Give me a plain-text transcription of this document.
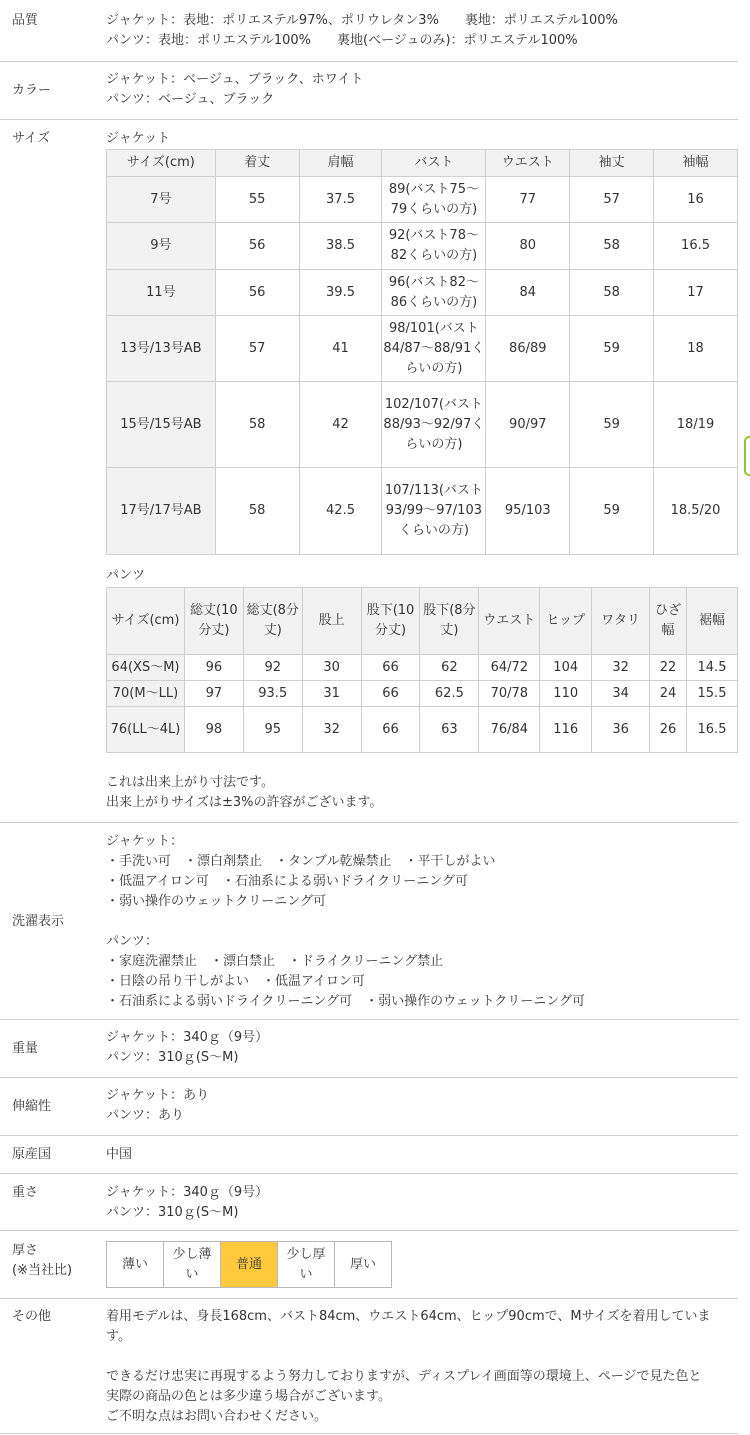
品質	ジャケット：表地：ポリエステル97%、ポリウレタン3%　　裏地：ポリエステル100%
パンツ：表地：ポリエステル100%　　裏地(ベージュのみ)：ポリエステル100%
カラー
ジャケット：ベージュ、ブラック、ホワイト
パンツ：ベージュ、ブラック
サイズ	ジャケット
サイズ(cm)	着丈	肩幅	バスト	ウエスト	袖丈	袖幅
7号	55	37.5	89(バスト75〜79くらいの方)	77	57	16
9号	56	38.5	92(バスト78〜82くらいの方)	80	58	16.5
11号	56	39.5	96(バスト82〜86くらいの方)	84	58	17
13号/13号AB	57	41	98/101(バスト84/87〜88/91くらいの方)	86/89	59	18
15号/15号AB	58	42	102/107(バスト88/93〜92/97くらいの方)	90/97	59	18/19
17号/17号AB	58	42.5	107/113(バスト93/99〜97/103くらいの方)	95/103	59	18.5/20
パンツ
サイズ(cm)	総丈(10分丈)	総丈(8分丈)	股上	股下(10分丈)	股下(8分丈)	ウエスト	ヒップ	ワタリ	ひざ幅	裾幅
64(XS〜M)	96	92	30	66	62	64/72	104	32	22	14.5
70(M〜LL)	97	93.5	31	66	62.5	70/78	110	34	24	15.5
76(LL〜4L)	98	95	32	66	63	76/84	116	36	26	16.5
これは出来上がり寸法です。
出来上がりサイズは±3%の許容がございます。
洗濯表示
ジャケット：
・手洗い可　・漂白剤禁止　・タンブル乾燥禁止　・平干しがよい
・低温アイロン可　・石油系による弱いドライクリーニング可
・弱い操作のウェットクリーニング可
パンツ：
・家庭洗濯禁止　・漂白禁止　・ドライクリーニング禁止
・日陰の吊り干しがよい　・低温アイロン可
・石油系による弱いドライクリーニング可　・弱い操作のウェットクリーニング可
重量
ジャケット：340ｇ（9号）
パンツ：310ｇ(S〜M)
伸縮性
ジャケット：あり
パンツ：あり
原産国	中国
重さ	ジャケット：340ｇ（9号）
パンツ：310ｇ(S〜M)
厚さ
(※当社比)	薄い

少し薄
い

普通

少し厚
い

厚い
その他	着用モデルは、身長168cm、バスト84cm、ウエスト64cm、ヒップ90cmで、Mサイズを着用していま
す。

できるだけ忠実に再現するよう努力しておりますが、ディスプレイ画面等の環境上、ページで見た色と
実際の商品の色とは多少違う場合がございます。
ご不明な点はお問い合わせください。
